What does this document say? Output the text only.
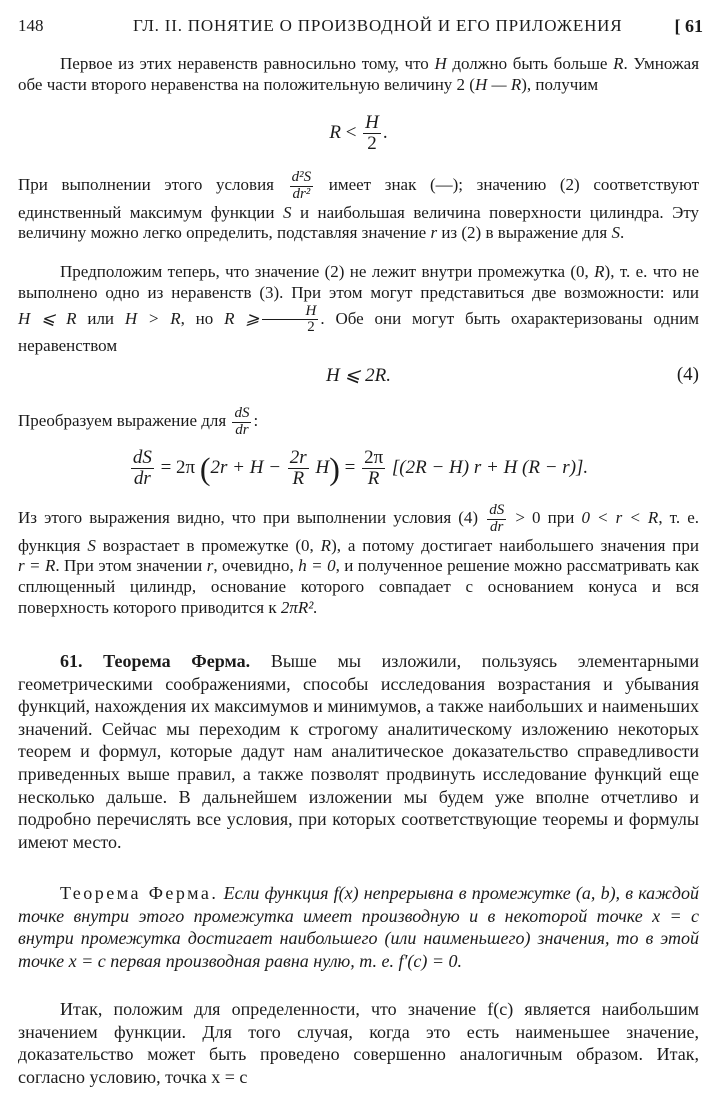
148	ГЛ. II. ПОНЯТИЕ О ПРОИЗВОДНОЙ И ЕГО ПРИЛОЖЕНИЯ	[ 61

Первое из этих неравенств равносильно тому, что H должно быть больше R. Умножая обе части второго неравенства на положительную величину 2 (H — R), получим

$R < \frac{H}{2}$ .

При выполнении этого условия $\frac{\text{d²S}}{\text{dr²}}$ имеет знак (—); значению (2) соответствуют единственный максимум функции S и наибольшая величина поверхности цилиндра. Эту величину можно легко определить, подставляя значение r из (2) в выражение для S.

Предположим теперь, что значение (2) не лежит внутри промежутка (0, R), т. е. что не выполнено одно из неравенств (3). При этом могут представиться две возможности: или H ⩽ R или H > R, но R ⩾ $\frac{H}{2}$ . Обе они могут быть охарактеризованы одним неравенством

H ⩽ 2R.	(4)

Преобразуем выражение для $\frac{dS}{dr}$ :

$\frac{dS}{dr} = 2\pi$ $(2r + H - \frac{2r}{R} H) = \frac{2\pi}{R} [(2R - H)$ r + H (R − r)].

Из этого выражения видно, что при выполнении условия $(4) \frac{dS}{dr} > 0$ при 0 < r < R, т. е. функция S возрастает в промежутке (0, R), а потому достигает наибольшего значения при r = R. При этом значении r, очевидно, h = 0, и полученное решение можно рассматривать как сплющенный цилиндр, основание которого совпадает с основанием конуса и вся поверхность которого приводится к 2πR².

61. Теорема Ферма. Выше мы изложили, пользуясь элементарными геометрическими соображениями, способы исследования возрастания и убывания функций, нахождения их максимумов и минимумов, а также наибольших и наименьших значений. Сейчас мы переходим к строгому аналитическому изложению некоторых теорем и формул, которые дадут нам аналитическое доказательство справедливости приведенных выше правил, а также позволят продвинуть исследование функций еще несколько дальше. В дальнейшем изложении мы будем уже вполне отчетливо и подробно перечислять все условия, при которых соответствующие теоремы и формулы имеют место.

Теорема Ферма. Если функция f(x) непрерывна в промежутке (a, b), в каждой точке внутри этого промежутка имеет производную и в некоторой точке x = c внутри промежутка достигает наибольшего (или наименьшего) значения, то в этой точке x = c первая производная равна нулю, т. е. f′(c) = 0.

Итак, положим для определенности, что значение f(c) является наибольшим значением функции. Для того случая, когда это есть наименьшее значение, доказательство может быть проведено совершенно аналогичным образом. Итак, согласно условию, точка x = c
